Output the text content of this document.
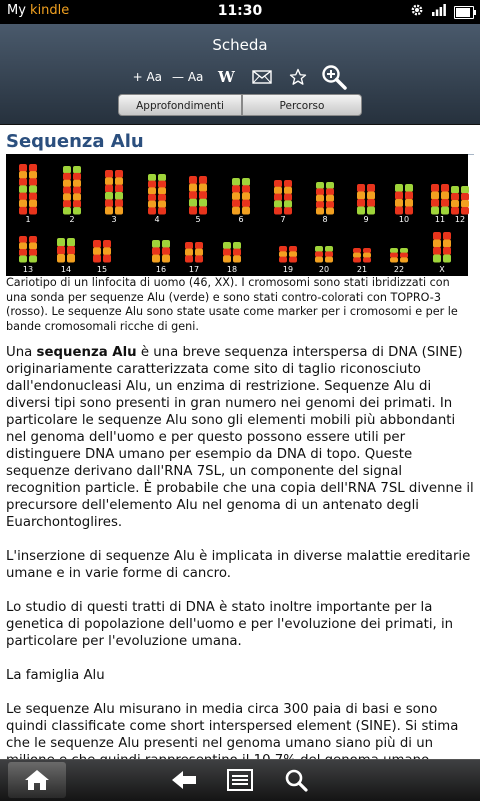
My kindle	11:30
Scheda
+ Aa — Aa W
Approfondimenti	Percorso
Sequenza Alu
1	2	3	4	5	6	7	8	9	10	11 12
13	14	15	16	17	18	19	20	21	22	X
Cariotipo di un linfocita di uomo (46, XX). I cromosomi sono stati ibridizzati con una sonda per sequenze Alu (verde) e sono stati contro-colorati con TOPRO-3 (rosso). Le sequenze Alu sono state usate come marker per i cromosomi e per le bande cromosomali ricche di geni.

Una sequenza Alu è una breve sequenza interspersa di DNA (SINE) originariamente caratterizzata come sito di taglio riconosciuto dall'endonucleasi Alu, un enzima di restrizione. Sequenze Alu di diversi tipi sono presenti in gran numero nei genomi dei primati. In particolare le sequenze Alu sono gli elementi mobili più abbondanti nel genoma dell'uomo e per questo possono essere utili per distinguere DNA umano per esempio da DNA di topo. Queste sequenze derivano dall'RNA 7SL, un componente del signal recognition particle. È probabile che una copia dell'RNA 7SL divenne il precursore dell'elemento Alu nel genoma di un antenato degli Euarchontoglires.

L'inserzione di sequenze Alu è implicata in diverse malattie ereditarie umane e in varie forme di cancro.

Lo studio di questi tratti di DNA è stato inoltre importante per la genetica di popolazione dell'uomo e per l'evoluzione dei primati, in particolare per l'evoluzione umana.

La famiglia Alu

Le sequenze Alu misurano in media circa 300 paia di basi e sono quindi classificate come short interspersed element (SINE). Si stima che le sequenze Alu presenti nel genoma umano siano più di un
